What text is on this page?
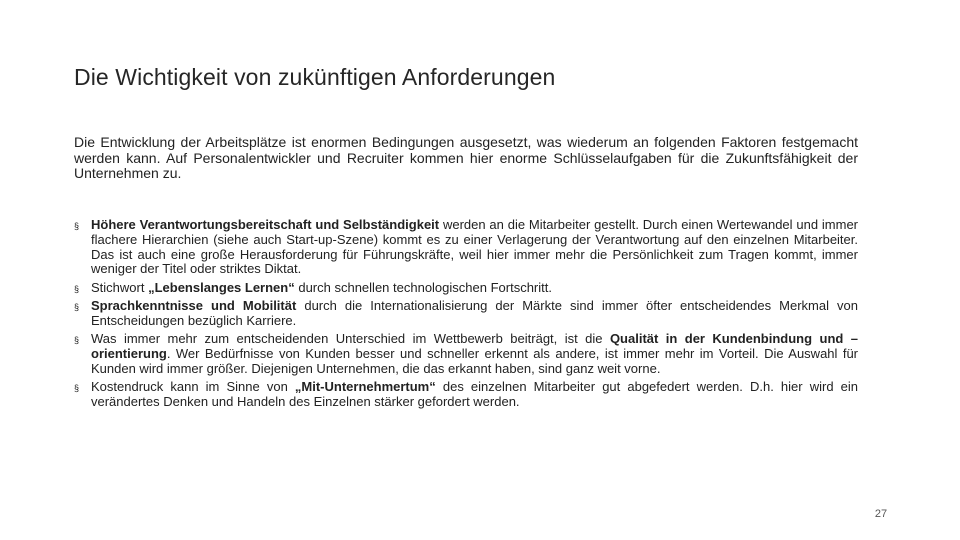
Die Wichtigkeit von zukünftigen Anforderungen

Die Entwicklung der Arbeitsplätze ist enormen Bedingungen ausgesetzt, was wiederum an folgenden Faktoren festgemacht werden kann. Auf Personalentwickler und Recruiter kommen hier enorme Schlüsselaufgaben für die Zukunftsfähigkeit der Unternehmen zu.

§ Höhere Verantwortungsbereitschaft und Selbständigkeit werden an die Mitarbeiter gestellt. Durch einen Wertewandel und immer flachere Hierarchien (siehe auch Start-up-Szene) kommt es zu einer Verlagerung der Verantwortung auf den einzelnen Mitarbeiter. Das ist auch eine große Herausforderung für Führungskräfte, weil hier immer mehr die Persönlichkeit zum Tragen kommt, immer weniger der Titel oder striktes Diktat.
§ Stichwort „Lebenslanges Lernen“ durch schnellen technologischen Fortschritt.
§ Sprachkenntnisse und Mobilität durch die Internationalisierung der Märkte sind immer öfter entscheidendes Merkmal von Entscheidungen bezüglich Karriere.
§ Was immer mehr zum entscheidenden Unterschied im Wettbewerb beiträgt, ist die Qualität in der Kundenbindung und –orientierung. Wer Bedürfnisse von Kunden besser und schneller erkennt als andere, ist immer mehr im Vorteil. Die Auswahl für Kunden wird immer größer. Diejenigen Unternehmen, die das erkannt haben, sind ganz weit vorne.
§ Kostendruck kann im Sinne von „Mit-Unternehmertum“ des einzelnen Mitarbeiter gut abgefedert werden. D.h. hier wird ein verändertes Denken und Handeln des Einzelnen stärker gefordert werden.
27
